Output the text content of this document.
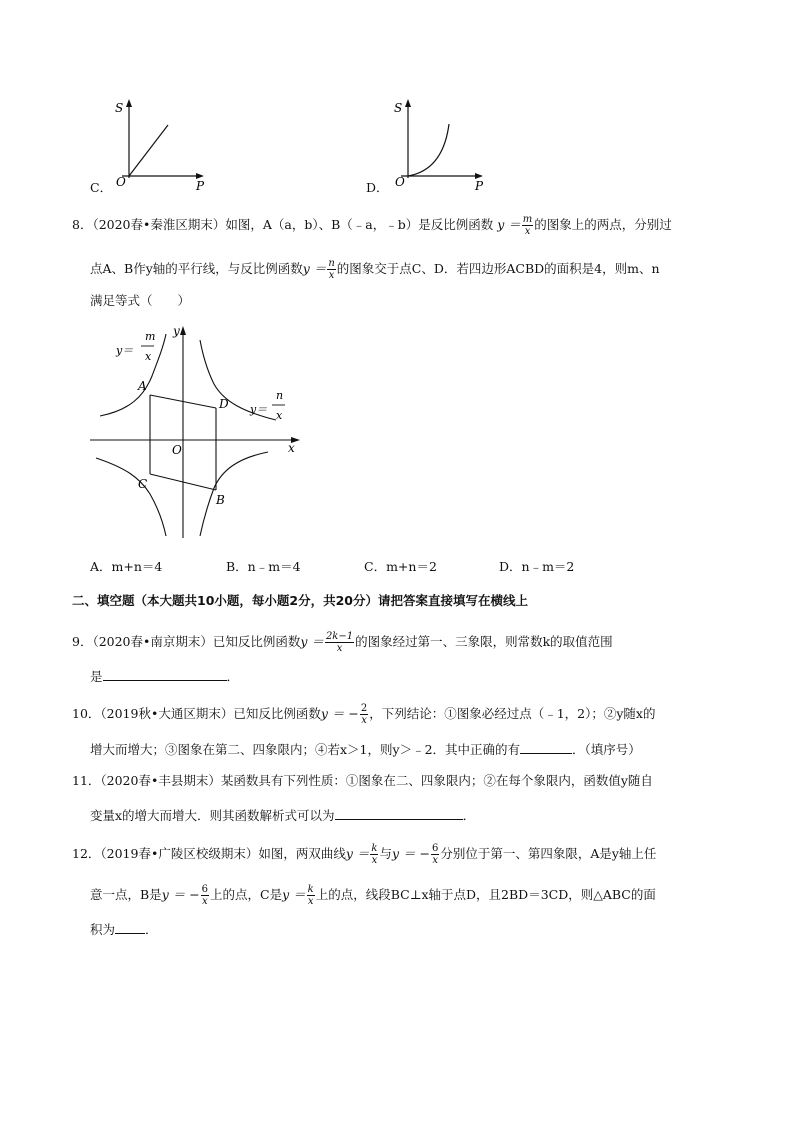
S
O	P
C．
S
O	P
D．
8．（2020春•秦淮区期末）如图，A（a，b）、B（﹣a，﹣b）是反比例函数 $y = \frac{m}{x}$ 的图象上的两点，分别过
点A、B作y轴的平行线，与反比例函数$y = \frac{n}{x}$ 的图象交于点C、D．若四边形ACBD的面积是4，则m、n
满足等式（　　）
y
x
O
A
B
C
D
y＝
m
x
y＝
n
x
A．m+n＝4	B．n﹣m＝4	C．m+n＝2	D．n﹣m＝2
二、填空题（本大题共10小题，每小题2分，共20分）请把答案直接填写在横线上
9．（2020春•南京期末）已知反比例函数$y = \frac{2k-1}{x}$ 的图象经过第一、三象限，则常数k的取值范围
是	．
10．（2019秋•大通区期末）已知反比例函数y ＝ − $\frac{2}{x}$ ，下列结论：①图象必经过点（﹣1，2）；②y随x的
增大而增大；③图象在第二、四象限内；④若x＞1，则y＞﹣2．其中正确的有	．（填序号）
11．（2020春•丰县期末）某函数具有下列性质：①图象在二、四象限内；②在每个象限内，函数值y随自
变量x的增大而增大．则其函数解析式可以为	．
12．（2019春•广陵区校级期末）如图，两双曲线$y = \frac{k}{x}$ 与y ＝ − $\frac{6}{x}$ 分别位于第一、第四象限，A是y轴上任
意一点，B是y ＝ − $\frac{6}{x}$ 上的点，C是$y = \frac{k}{x}$ 上的点，线段BC⊥x轴于点D，且2BD＝3CD，则△ABC的面
积为 ．
